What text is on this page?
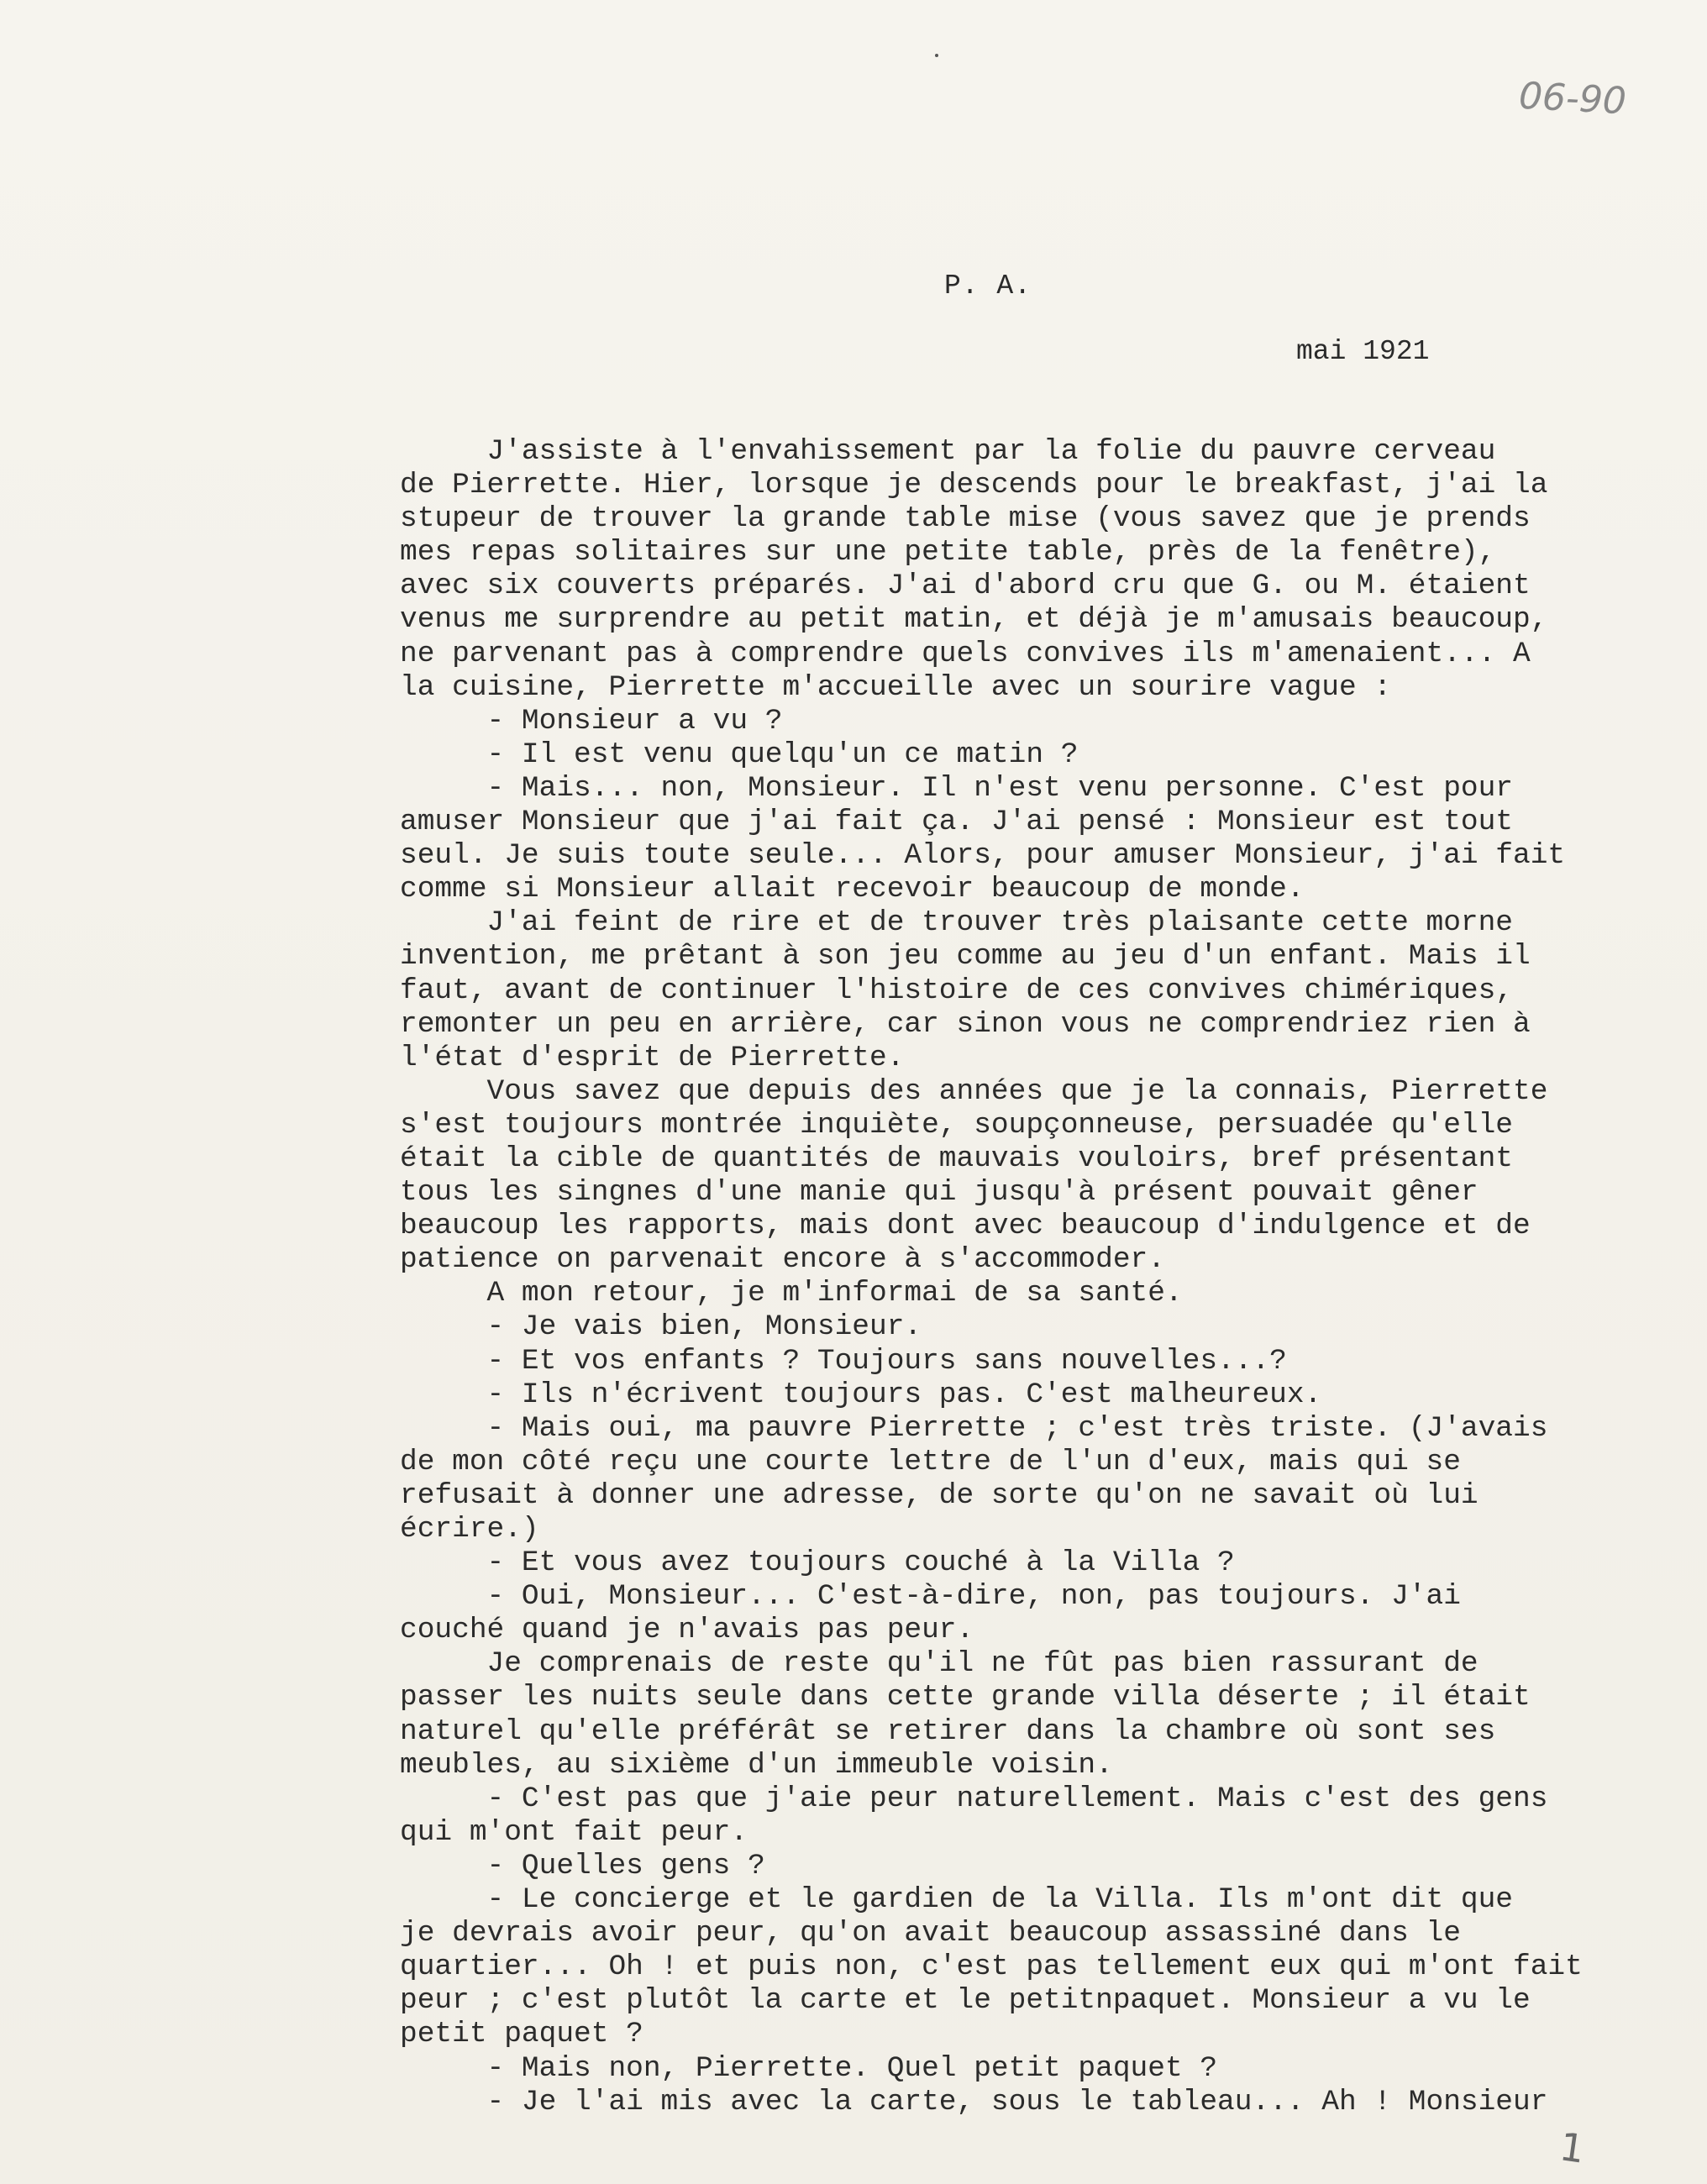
06-90
P. A.
mai 1921
J'assiste à l'envahissement par la folie du pauvre cerveau
de Pierrette. Hier, lorsque je descends pour le breakfast, j'ai la
stupeur de trouver la grande table mise (vous savez que je prends
mes repas solitaires sur une petite table, près de la fenêtre),
avec six couverts préparés. J'ai d'abord cru que G. ou M. étaient
venus me surprendre au petit matin, et déjà je m'amusais beaucoup,
ne parvenant pas à comprendre quels convives ils m'amenaient... A
la cuisine, Pierrette m'accueille avec un sourire vague :
- Monsieur a vu ?
- Il est venu quelqu'un ce matin ?
- Mais... non, Monsieur. Il n'est venu personne. C'est pour
amuser Monsieur que j'ai fait ça. J'ai pensé : Monsieur est tout
seul. Je suis toute seule... Alors, pour amuser Monsieur, j'ai fait
comme si Monsieur allait recevoir beaucoup de monde.
J'ai feint de rire et de trouver très plaisante cette morne
invention, me prêtant à son jeu comme au jeu d'un enfant. Mais il
faut, avant de continuer l'histoire de ces convives chimériques,
remonter un peu en arrière, car sinon vous ne comprendriez rien à
l'état d'esprit de Pierrette.
Vous savez que depuis des années que je la connais, Pierrette
s'est toujours montrée inquiète, soupçonneuse, persuadée qu'elle
était la cible de quantités de mauvais vouloirs, bref présentant
tous les singnes d'une manie qui jusqu'à présent pouvait gêner
beaucoup les rapports, mais dont avec beaucoup d'indulgence et de
patience on parvenait encore à s'accommoder.
A mon retour, je m'informai de sa santé.
- Je vais bien, Monsieur.
- Et vos enfants ? Toujours sans nouvelles...?
- Ils n'écrivent toujours pas. C'est malheureux.
- Mais oui, ma pauvre Pierrette ; c'est très triste. (J'avais
de mon côté reçu une courte lettre de l'un d'eux, mais qui se
refusait à donner une adresse, de sorte qu'on ne savait où lui
écrire.)
- Et vous avez toujours couché à la Villa ?
- Oui, Monsieur... C'est-à-dire, non, pas toujours. J'ai
couché quand je n'avais pas peur.
Je comprenais de reste qu'il ne fût pas bien rassurant de
passer les nuits seule dans cette grande villa déserte ; il était
naturel qu'elle préférât se retirer dans la chambre où sont ses
meubles, au sixième d'un immeuble voisin.
- C'est pas que j'aie peur naturellement. Mais c'est des gens
qui m'ont fait peur.
- Quelles gens ?
- Le concierge et le gardien de la Villa. Ils m'ont dit que
je devrais avoir peur, qu'on avait beaucoup assassiné dans le
quartier... Oh ! et puis non, c'est pas tellement eux qui m'ont fait
peur ; c'est plutôt la carte et le petitnpaquet. Monsieur a vu le
petit paquet ?
- Mais non, Pierrette. Quel petit paquet ?
- Je l'ai mis avec la carte, sous le tableau... Ah ! Monsieur
1
